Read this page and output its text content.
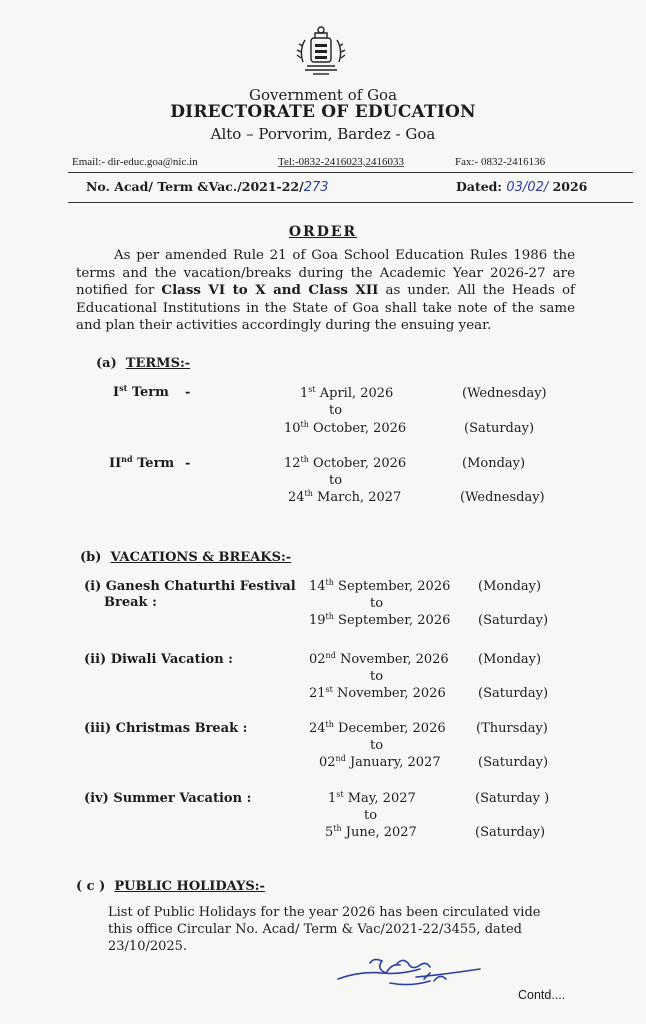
Government of Goa
DIRECTORATE OF EDUCATION
Alto – Porvorim, Bardez - Goa
Email:- dir-educ.goa@nic.in	Tel:-0832-2416023,2416033	Fax:- 0832-2416136
No. Acad/ Term &Vac./2021-22/273	Dated: 03/02/ 2026
ORDER
As per amended Rule 21 of Goa School Education Rules 1986 the terms and the vacation/breaks during the Academic Year 2026-27 are notified for Class VI to X and Class XII as under. All the Heads of Educational Institutions in the State of Goa shall take note of the same and plan their activities accordingly during the ensuing year.
(a) TERMS:-
Ist Term -	1st April, 2026	(Wednesday)
to
10th October, 2026	(Saturday)
IInd Term -	12th October, 2026	(Monday)
to
24th March, 2027	(Wednesday)
(b) VACATIONS & BREAKS:-
(i) Ganesh Chaturthi Festival
Break :
14th September, 2026 (Monday)
to
19th September, 2026 (Saturday)
(ii) Diwali Vacation :	02nd November, 2026 (Monday)
to
21st November, 2026 (Saturday)
(iii) Christmas Break :	24th December, 2026 (Thursday)
to
02nd January, 2027	(Saturday)
(iv) Summer Vacation :	1st May, 2027	(Saturday )
to
5th June, 2027	(Saturday)
( c ) PUBLIC HOLIDAYS:-
List of Public Holidays for the year 2026 has been circulated vide this office Circular No. Acad/ Term & Vac/2021-22/3455, dated 23/10/2025.
Contd....
